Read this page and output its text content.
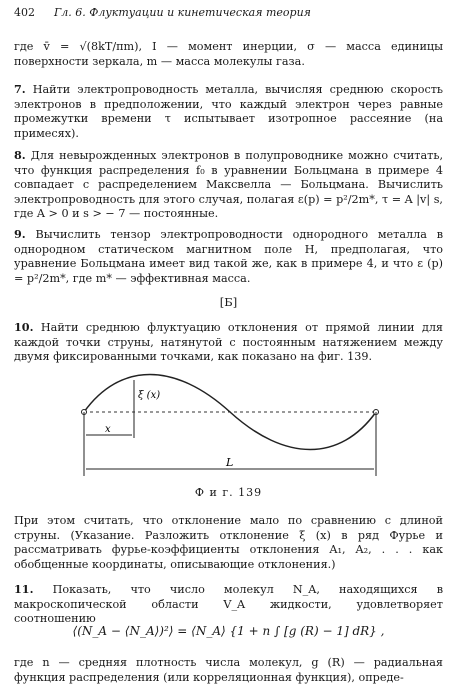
402	Гл. 6. Флуктуации и кинетическая теория
где v̄ = √(8kT/πm), I — момент инерции, σ — масса единицы поверхности зеркала, m — масса молекулы газа.
7. Найти электропроводность металла, вычисляя среднюю скорость электронов в предположении, что каждый электрон через равные промежутки времени τ испытывает изотропное рассеяние (на примесях).
8. Для невырожденных электронов в полупроводнике можно считать, что функция распределения f₀ в уравнении Больцмана в примере 4 совпадает с распределением Максвелла — Больцмана. Вычислить электропроводность для этого случая, полагая ε(p) = p²/2m*, τ = A |v| s, где A > 0 и s > − 7 — постоянные.
9. Вычислить тензор электропроводности однородного металла в однородном статическом магнитном поле H, предполагая, что уравнение Больцмана имеет вид такой же, как в примере 4, и что ε (p) = p²/2m*, где m* — эффективная масса.
[Б]
10. Найти среднюю флуктуацию отклонения от прямой линии для каждой точки струны, натянутой с постоянным натяжением между двумя фиксированными точками, как показано на фиг. 139.
ξ (x)
x
L
Ф и г. 139
При этом считать, что отклонение мало по сравнению с длиной струны. (Указание. Разложить отклонение ξ (x) в ряд Фурье и рассматривать фурье-коэффициенты отклонения A₁, A₂, . . . как обобщенные координаты, описывающие отклонения.)
11. Показать, что число молекул N_A, находящихся в макроскопической области V_A жидкости, удовлетворяет соотношению
⟨(N_A − ⟨N_A⟩)²⟩ = ⟨N_A⟩ {1 + n ∫ [g (R) − 1] dR} ,
где n — средняя плотность числа молекул, g (R) — радиальная функция распределения (или корреляционная функция), опреде-
